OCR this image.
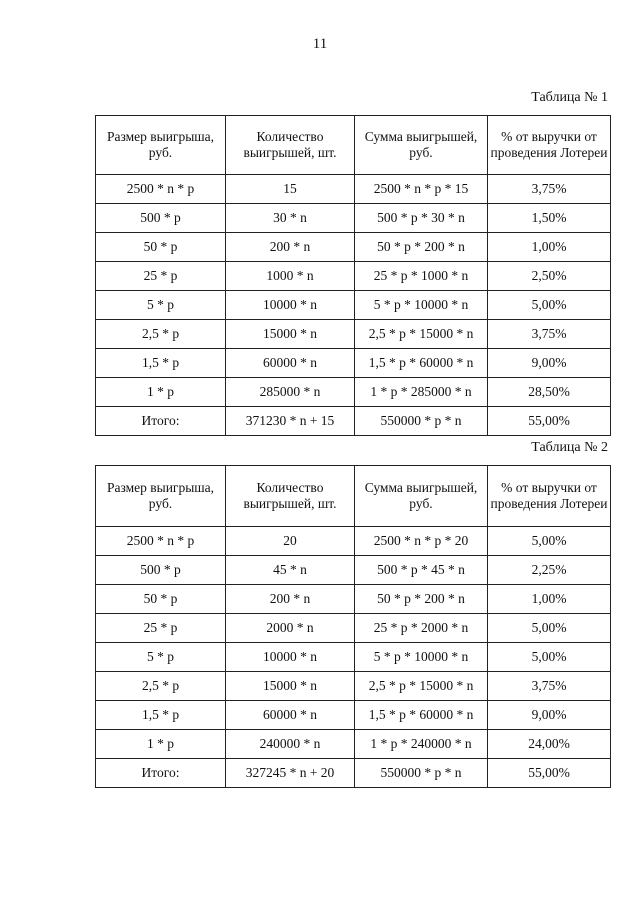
11
Таблица № 1
Размер выигрыша, руб.	Количество выигрышей, шт.	Сумма выигрышей, руб.	% от выручки от проведения Лотереи
2500 * n * p	15	2500 * n * p * 15	3,75%
500 * p	30 * n	500 * p * 30 * n	1,50%
50 * p	200 * n	50 * p * 200 * n	1,00%
25 * p	1000 * n	25 * p * 1000 * n	2,50%
5 * p	10000 * n	5 * p * 10000 * n	5,00%
2,5 * p	15000 * n	2,5 * p * 15000 * n	3,75%
1,5 * p	60000 * n	1,5 * p * 60000 * n	9,00%
1 * p	285000 * n	1 * p * 285000 * n	28,50%
Итого:	371230 * n + 15	550000 * p * n	55,00%
Таблица № 2
Размер выигрыша, руб.	Количество выигрышей, шт.	Сумма выигрышей, руб.	% от выручки от проведения Лотереи
2500 * n * p	20	2500 * n * p * 20	5,00%
500 * p	45 * n	500 * p * 45 * n	2,25%
50 * p	200 * n	50 * p * 200 * n	1,00%
25 * p	2000 * n	25 * p * 2000 * n	5,00%
5 * p	10000 * n	5 * p * 10000 * n	5,00%
2,5 * p	15000 * n	2,5 * p * 15000 * n	3,75%
1,5 * p	60000 * n	1,5 * p * 60000 * n	9,00%
1 * p	240000 * n	1 * p * 240000 * n	24,00%
Итого:	327245 * n + 20	550000 * p * n	55,00%
